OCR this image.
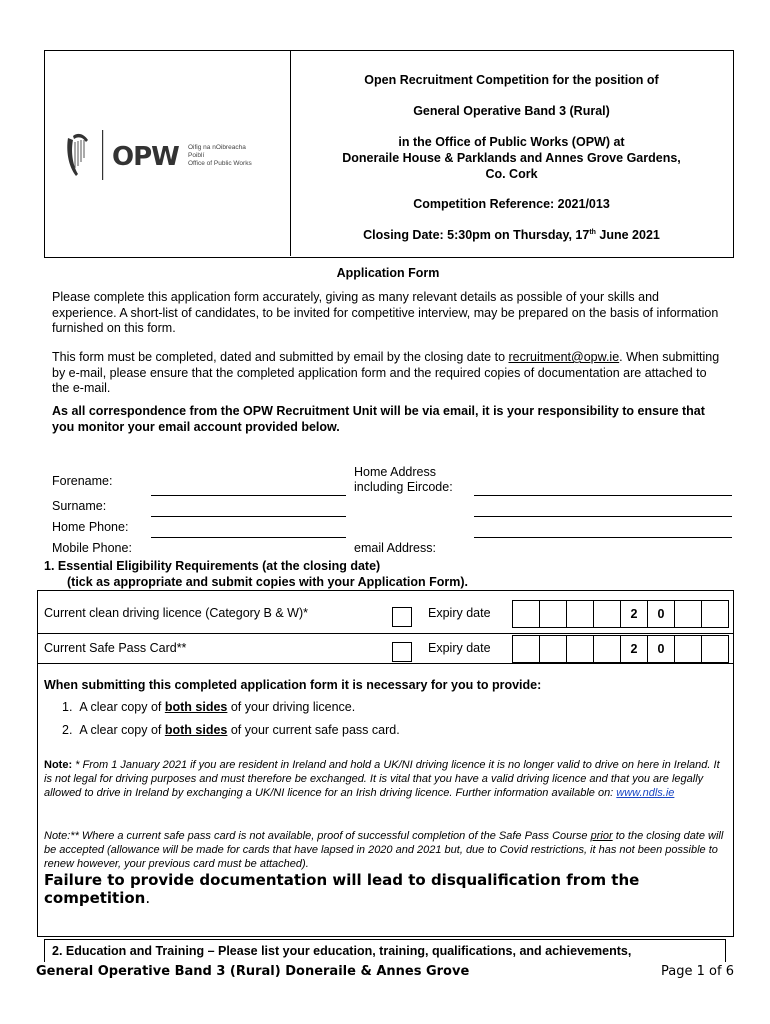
OPW Oifig na nOibreacha Poiblí
Office of Public Works
Open Recruitment Competition for the position of
General Operative Band 3 (Rural)
in the Office of Public Works (OPW) at
Doneraile House & Parklands and Annes Grove Gardens,
Co. Cork
Competition Reference: 2021/013
Closing Date: 5:30pm on Thursday, 17th June 2021
Application Form
Please complete this application form accurately, giving as many relevant details as possible of your skills and experience. A short-list of candidates, to be invited for competitive interview, may be prepared on the basis of information furnished on this form.
This form must be completed, dated and submitted by email by the closing date to recruitment@opw.ie. When submitting by e-mail, please ensure that the completed application form and the required copies of documentation are attached to the e-mail.
As all correspondence from the OPW Recruitment Unit will be via email, it is your responsibility to ensure that you monitor your email account provided below.
Forename:
Surname:
Home Phone:
Mobile Phone:
Home Address
including Eircode:
email Address:
1. Essential Eligibility Requirements (at the closing date)
(tick as appropriate and submit copies with your Application Form).
Current clean driving licence (Category B & W)*	Expiry date	2	0
Current Safe Pass Card**	Expiry date	2	0
When submitting this completed application form it is necessary for you to provide:
1. A clear copy of both sides of your driving licence.
2. A clear copy of both sides of your current safe pass card.
Note: * From 1 January 2021 if you are resident in Ireland and hold a UK/NI driving licence it is no longer valid to drive on here in Ireland. It is not legal for driving purposes and must therefore be exchanged. It is vital that you have a valid driving licence and that you are legally allowed to drive in Ireland by exchanging a UK/NI licence for an Irish driving licence. Further information available on: www.ndls.ie
Note:** Where a current safe pass card is not available, proof of successful completion of the Safe Pass Course prior to the closing date will be accepted (allowance will be made for cards that have lapsed in 2020 and 2021 but, due to Covid restrictions, it has not been possible to renew however, your previous card must be attached).
Failure to provide documentation will lead to disqualification from the competition.
2. Education and Training – Please list your education, training, qualifications, and achievements,
General Operative Band 3 (Rural) Doneraile & Annes Grove	Page 1 of 6
